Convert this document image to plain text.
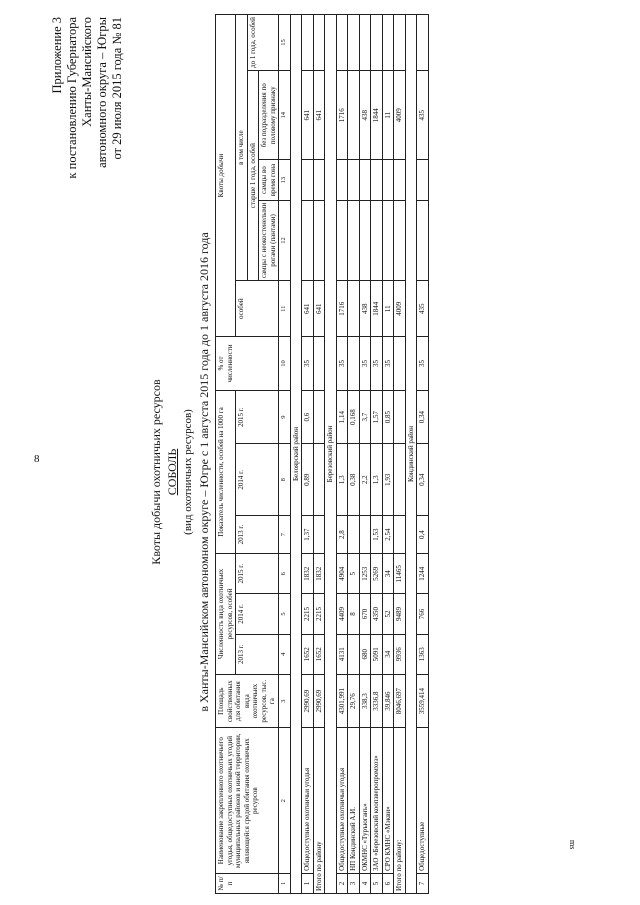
8
ms
Приложение 3 к постановлению Губернатора Ханты-Мансийского автономного округа – Югры от 29 июля 2015 года № 81
Квоты добычи охотничьих ресурсов СОБОЛЬ (вид охотничьих ресурсов) в Ханты-Мансийском автономном округе – Югре с 1 августа 2015 года до 1 августа 2016 года
№ п/п	Наименование закрепленного охотничьего угодья, общедоступных охотничьих угодий муниципальных районов и иной территории, являющейся средой обитания охотничьих ресурсов	Площадь свойственных для обитания вида охотничьих ресурсов, тыс. га	Численность вида охотничьих ресурсов, особей			Показатель численности, особей на 1000 га			% от численности	Квоты добычи				
			2013 г.	2014 г.	2015 г.	2013 г.	2014 г.	2015 г.		особей	в том числе			
											старше 1 года, особей			до 1 года, особей
											самцы с неокостенелыми рогами (пантами)	самцы во время гона	без подразделения по половому признаку	
1	2	3	4	5	6	7	8	9	10	11	12	13	14	15
Белоярский район														
1	Общедоступные охотничьи угодья	2990,69	1652	2215	1832	1,37	0,89	0,6	35	641			641	
Итого по району		2990,69	1652	2215	1832					641			641	
Березовский район														
2	Общедоступные охотничьи угодья	4301,991	4131	4409	4904	2,8	1,3	1,14	35	1716			1716	
3	НП Кондинский А.И.	29,76		8	5		0,38	0,168						
4	ОКМНС «Туръюганъ»	338,3	680	670	1253		2,2	3,7	35	438			438	
5	ЗАО «Березовский коопзверопромхоз»	3336,8	5091	4350	5269	1,53	1,3	1,57	35	1844			1844	
6	СРО КМНС «Мэкви»	39,846	34	52	34	2,54	1,93	0,85	35	11			11	
Итого по району:		8046,697	9936	9489	11465					4009			4009	
Кондинский район														
7	Общедоступные	3559,414	1363	766	1244	0,4	0,34	0,34	35	435			435	
